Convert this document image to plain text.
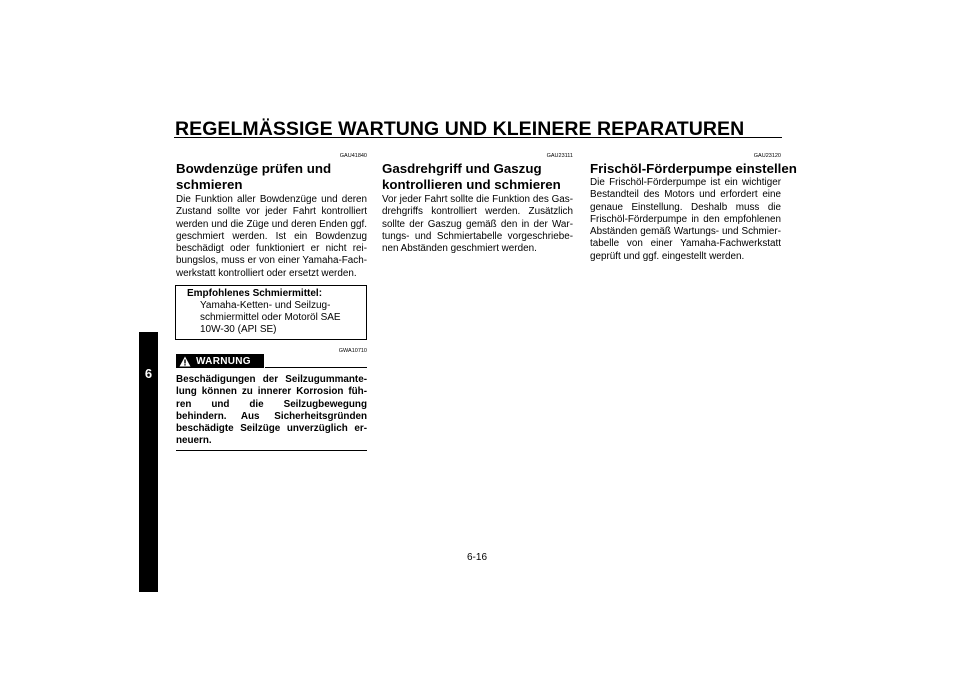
REGELMÄSSIGE WARTUNG UND KLEINERE REPARATUREN
6
GAU41840
Bowdenzüge prüfen und
schmieren
Die Funktion aller Bowdenzüge und deren
Zustand sollte vor jeder Fahrt kontrolliert
werden und die Züge und deren Enden ggf.
geschmiert werden. Ist ein Bowdenzug
beschädigt oder funktioniert er nicht rei-
bungslos, muss er von einer Yamaha-Fach-
werkstatt kontrolliert oder ersetzt werden.
Empfohlenes Schmiermittel:
Yamaha-Ketten- und Seilzug-
schmiermittel oder Motoröl SAE
10W-30 (API SE)
GWA10710
WARNUNG
Beschädigungen der Seilzugummante-
lung können zu innerer Korrosion füh-
ren und die Seilzugbewegung
behindern. Aus Sicherheitsgründen
beschädigte Seilzüge unverzüglich er-
neuern.
GAU23111
Gasdrehgriff und Gaszug
kontrollieren und schmieren
Vor jeder Fahrt sollte die Funktion des Gas-
drehgriffs kontrolliert werden. Zusätzlich
sollte der Gaszug gemäß den in der War-
tungs- und Schmiertabelle vorgeschriebe-
nen Abständen geschmiert werden.
GAU23120
Frischöl-Förderpumpe einstellen
Die Frischöl-Förderpumpe ist ein wichtiger
Bestandteil des Motors und erfordert eine
genaue Einstellung. Deshalb muss die
Frischöl-Förderpumpe in den empfohlenen
Abständen gemäß Wartungs- und Schmier-
tabelle von einer Yamaha-Fachwerkstatt
geprüft und ggf. eingestellt werden.
6-16
